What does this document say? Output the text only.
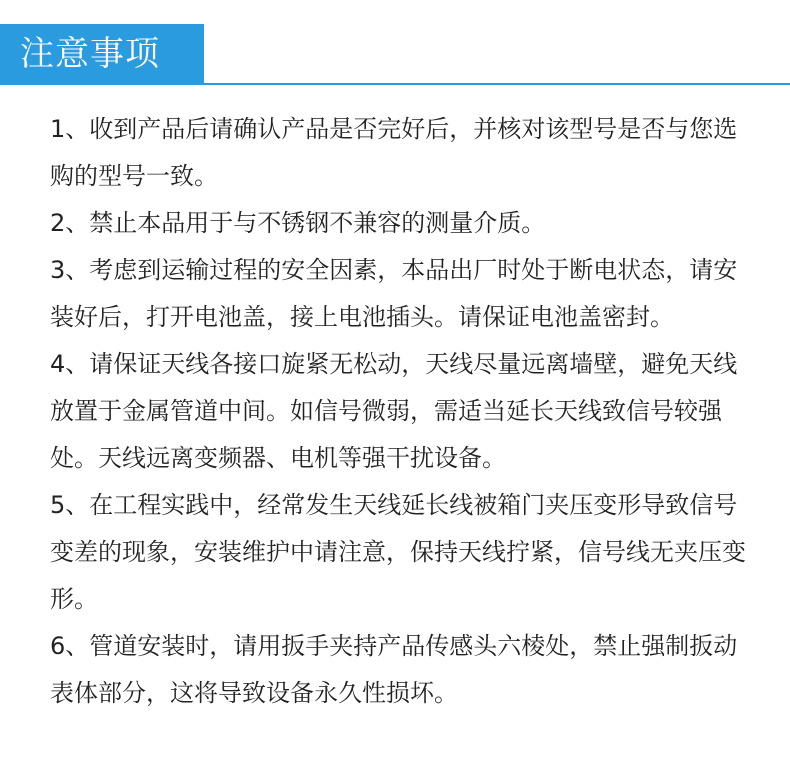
注意事项
1、收到产品后请确认产品是否完好后，并核对该型号是否与您选购的型号一致。
2、禁止本品用于与不锈钢不兼容的测量介质。
3、考虑到运输过程的安全因素，本品出厂时处于断电状态，请安装好后，打开电池盖，接上电池插头。请保证电池盖密封。
4、请保证天线各接口旋紧无松动，天线尽量远离墙壁，避免天线放置于金属管道中间。如信号微弱，需适当延长天线致信号较强处。天线远离变频器、电机等强干扰设备。
5、在工程实践中，经常发生天线延长线被箱门夹压变形导致信号变差的现象，安装维护中请注意，保持天线拧紧，信号线无夹压变形。
6、管道安装时，请用扳手夹持产品传感头六棱处，禁止强制扳动表体部分，这将导致设备永久性损坏。
